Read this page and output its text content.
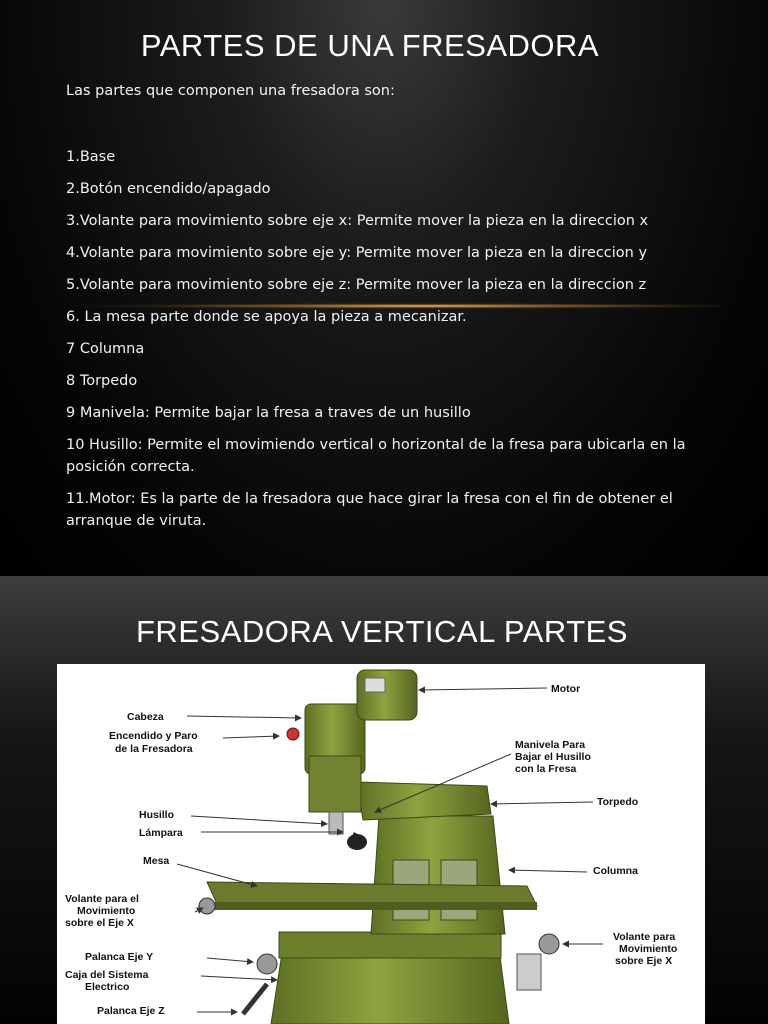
PARTES DE UNA FRESADORA
Las partes que componen una fresadora son:
1.Base
2.Botón encendido/apagado
3.Volante para movimiento sobre eje x: Permite mover la pieza en la direccion x
4.Volante para movimiento sobre eje y: Permite mover la pieza en la direccion y
5.Volante para movimiento sobre eje z: Permite mover la pieza en la direccion z
6. La mesa parte donde se apoya la pieza a mecanizar.
7 Columna
8 Torpedo
9 Manivela: Permite bajar la fresa a traves de un husillo
10 Husillo: Permite el movimiendo vertical o horizontal de la fresa para ubicarla en la posición correcta.
11.Motor: Es la parte de la fresadora que hace girar la fresa con el fin de obtener el arranque de viruta.
FRESADORA VERTICAL PARTES
Motor
Cabeza
Encendido y Paro
de la Fresadora	Manivela Para
Bajar el Husillo
con la Fresa
Torpedo
Husillo
Lámpara
Mesa
Columna
Volante para el
Movimiento
sobre el Eje X
Volante para
Movimiento
sobre Eje X
Palanca Eje Y
Caja del Sistema
Electrico
Palanca Eje Z
